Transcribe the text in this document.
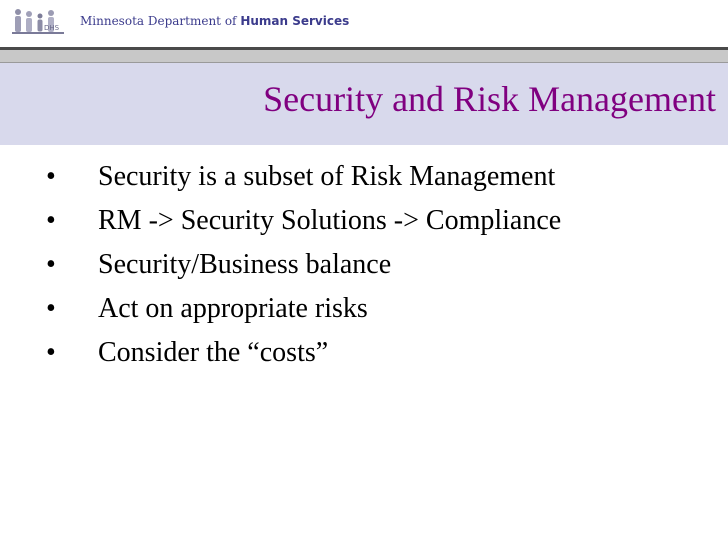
DHS Minnesota Department of Human Services
Security and Risk Management
• Security is a subset of Risk Management
• RM -> Security Solutions -> Compliance
• Security/Business balance
• Act on appropriate risks
• Consider the “costs”
